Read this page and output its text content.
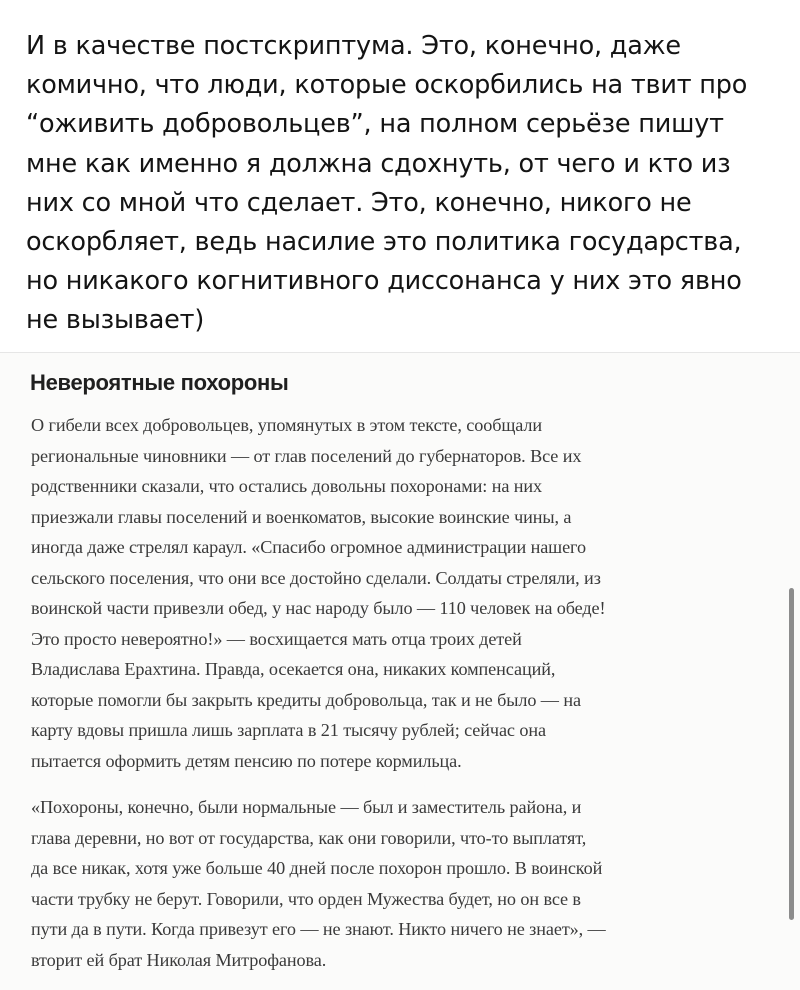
И в качестве постскриптума. Это, конечно, даже
комично, что люди, которые оскорбились на твит про
“оживить добровольцев”, на полном серьёзе пишут
мне как именно я должна сдохнуть, от чего и кто из
них со мной что сделает. Это, конечно, никого не
оскорбляет, ведь насилие это политика государства,
но никакого когнитивного диссонанса у них это явно
не вызывает)

Невероятные похороны

О гибели всех добровольцев, упомянутых в этом тексте, сообщали
региональные чиновники — от глав поселений до губернаторов. Все их
родственники сказали, что остались довольны похоронами: на них
приезжали главы поселений и военкоматов, высокие воинские чины, а
иногда даже стрелял караул. «Спасибо огромное администрации нашего
сельского поселения, что они все достойно сделали. Солдаты стреляли, из
воинской части привезли обед, у нас народу было — 110 человек на обеде!
Это просто невероятно!» — восхищается мать отца троих детей
Владислава Ерахтина. Правда, осекается она, никаких компенсаций,
которые помогли бы закрыть кредиты добровольца, так и не было — на
карту вдовы пришла лишь зарплата в 21 тысячу рублей; сейчас она
пытается оформить детям пенсию по потере кормильца.

«Похороны, конечно, были нормальные — был и заместитель района, и
глава деревни, но вот от государства, как они говорили, что-то выплатят,
да все никак, хотя уже больше 40 дней после похорон прошло. В воинской
части трубку не берут. Говорили, что орден Мужества будет, но он все в
пути да в пути. Когда привезут его — не знают. Никто ничего не знает», —
вторит ей брат Николая Митрофанова.
